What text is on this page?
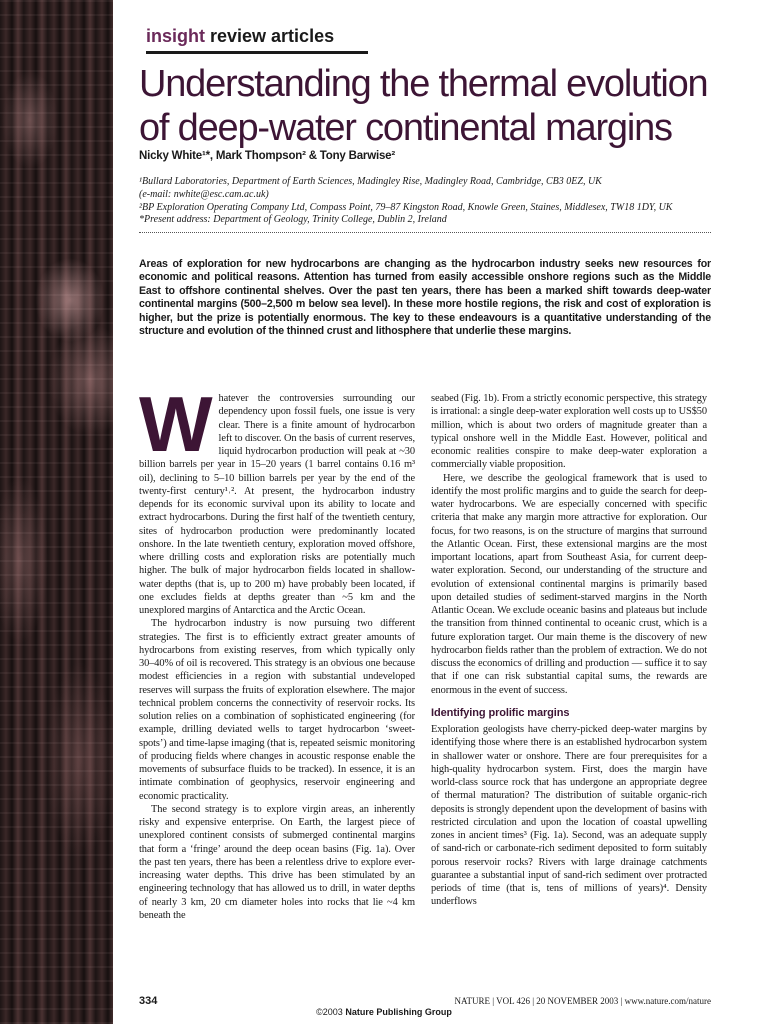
insight review articles
Understanding the thermal evolution of deep-water continental margins
Nicky White¹*, Mark Thompson² & Tony Barwise²
¹Bullard Laboratories, Department of Earth Sciences, Madingley Rise, Madingley Road, Cambridge, CB3 0EZ, UK
(e-mail: nwhite@esc.cam.ac.uk)
²BP Exploration Operating Company Ltd, Compass Point, 79–87 Kingston Road, Knowle Green, Staines, Middlesex, TW18 1DY, UK
*Present address: Department of Geology, Trinity College, Dublin 2, Ireland
Areas of exploration for new hydrocarbons are changing as the hydrocarbon industry seeks new resources for economic and political reasons. Attention has turned from easily accessible onshore regions such as the Middle East to offshore continental shelves. Over the past ten years, there has been a marked shift towards deep-water continental margins (500–2,500 m below sea level). In these more hostile regions, the risk and cost of exploration is higher, but the prize is potentially enormous. The key to these endeavours is a quantitative understanding of the structure and evolution of the thinned crust and lithosphere that underlie these margins.

Whatever the controversies surrounding our dependency upon fossil fuels, one issue is very clear. There is a finite amount of hydrocarbon left to discover. On the basis of current reserves, liquid hydrocarbon production will peak at ~30 billion barrels per year in 15–20 years (1 barrel contains 0.16 m³ oil), declining to 5–10 billion barrels per year by the end of the twenty-first century¹˒². At present, the hydrocarbon industry depends for its economic survival upon its ability to locate and extract hydrocarbons. During the first half of the twentieth century, sites of hydrocarbon production were predominantly located onshore. In the late twentieth century, exploration moved offshore, where drilling costs and exploration risks are potentially much higher. The bulk of major hydrocarbon fields located in shallow-water depths (that is, up to 200 m) have probably been located, if one excludes fields at depths greater than ~5 km and the unexplored margins of Antarctica and the Arctic Ocean.

The hydrocarbon industry is now pursuing two different strategies. The first is to efficiently extract greater amounts of hydrocarbons from existing reserves, from which typically only 30–40% of oil is recovered. This strategy is an obvious one because modest efficiencies in a region with substantial undeveloped reserves will surpass the fruits of exploration elsewhere. The major technical problem concerns the connectivity of reservoir rocks. Its solution relies on a combination of sophisticated engineering (for example, drilling deviated wells to target hydrocarbon ‘sweet-spots’) and time-lapse imaging (that is, repeated seismic monitoring of producing fields where changes in acoustic response enable the movements of subsurface fluids to be tracked). In essence, it is an intimate combination of geophysics, reservoir engineering and economic practicality.

The second strategy is to explore virgin areas, an inherently risky and expensive enterprise. On Earth, the largest piece of unexplored continent consists of submerged continental margins that form a ‘fringe’ around the deep ocean basins (Fig. 1a). Over the past ten years, there has been a relentless drive to explore ever-increasing water depths. This drive has been stimulated by an engineering technology that has allowed us to drill, in water depths of nearly 3 km, 20 cm diameter holes into rocks that lie ~4 km beneath the

seabed (Fig. 1b). From a strictly economic perspective, this strategy is irrational: a single deep-water exploration well costs up to US$50 million, which is about two orders of magnitude greater than a typical onshore well in the Middle East. However, political and economic realities conspire to make deep-water exploration a commercially viable proposition.

Here, we describe the geological framework that is used to identify the most prolific margins and to guide the search for deep-water hydrocarbons. We are especially concerned with specific criteria that make any margin more attractive for exploration. Our focus, for two reasons, is on the structure of margins that surround the Atlantic Ocean. First, these extensional margins are the most important locations, apart from Southeast Asia, for current deep-water exploration. Second, our understanding of the structure and evolution of extensional continental margins is primarily based upon detailed studies of sediment-starved margins in the North Atlantic Ocean. We exclude oceanic basins and plateaus but include the transition from thinned continental to oceanic crust, which is a future exploration target. Our main theme is the discovery of new hydrocarbon fields rather than the problem of extraction. We do not discuss the economics of drilling and production — suffice it to say that if one can risk substantial capital sums, the rewards are enormous in the event of success.

Identifying prolific margins

Exploration geologists have cherry-picked deep-water margins by identifying those where there is an established hydrocarbon system in shallower water or onshore. There are four prerequisites for a high-quality hydrocarbon system. First, does the margin have world-class source rock that has undergone an appropriate degree of thermal maturation? The distribution of suitable organic-rich deposits is strongly dependent upon the development of basins with restricted circulation and upon the location of coastal upwelling zones in ancient times³ (Fig. 1a). Second, was an adequate supply of sand-rich or carbonate-rich sediment deposited to form suitably porous reservoir rocks? Rivers with large drainage catchments guarantee a substantial input of sand-rich sediment over protracted periods of time (that is, tens of millions of years)⁴. Density underflows

334	NATURE | VOL 426 | 20 NOVEMBER 2003 | www.nature.com/nature
©2003 Nature Publishing Group
